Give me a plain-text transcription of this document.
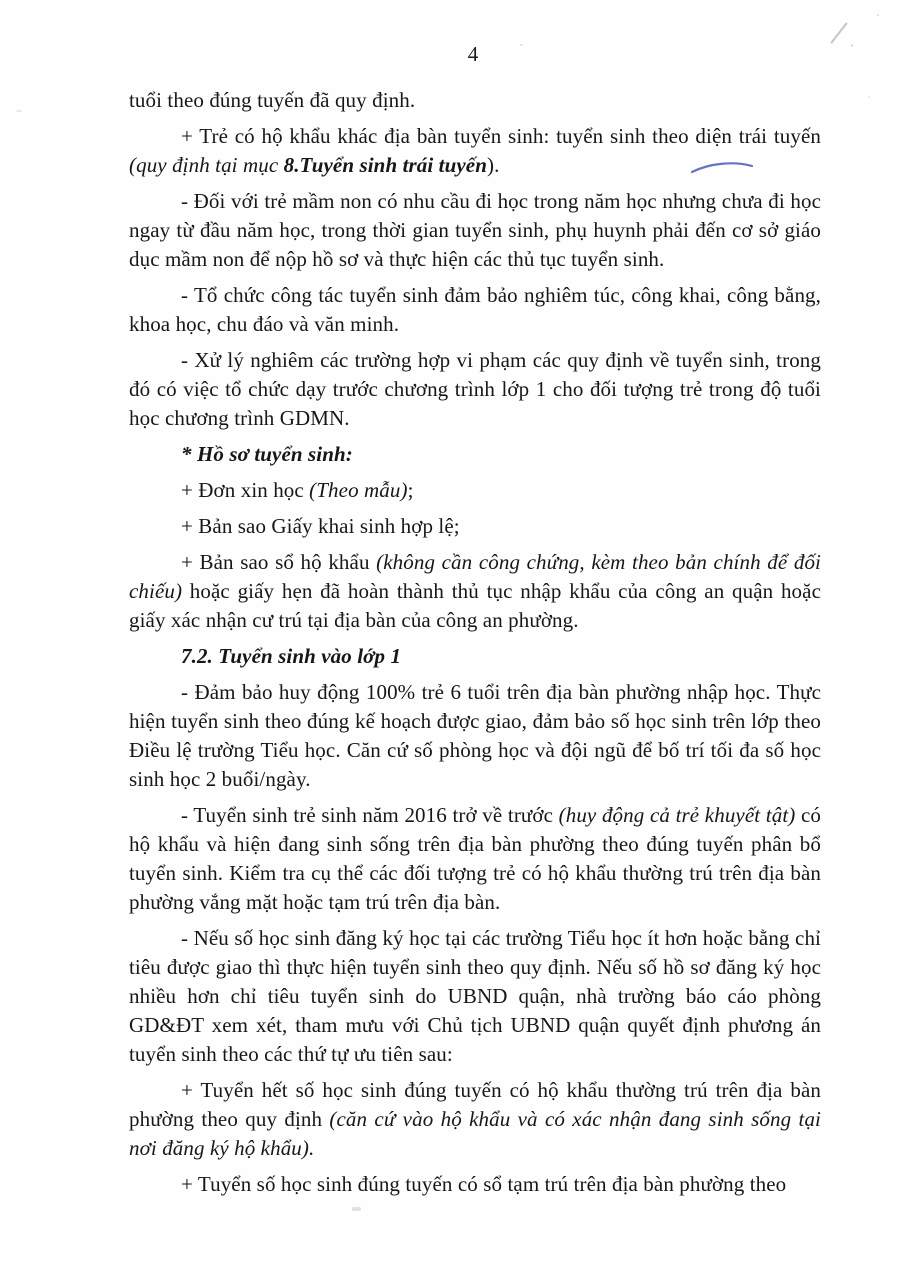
4

tuổi theo đúng tuyến đã quy định.

+ Trẻ có hộ khẩu khác địa bàn tuyển sinh: tuyển sinh theo diện trái tuyến (quy định tại mục 8.Tuyển sinh trái tuyến).

- Đối với trẻ mầm non có nhu cầu đi học trong năm học nhưng chưa đi học ngay từ đầu năm học, trong thời gian tuyển sinh, phụ huynh phải đến cơ sở giáo dục mầm non để nộp hồ sơ và thực hiện các thủ tục tuyển sinh.

- Tổ chức công tác tuyển sinh đảm bảo nghiêm túc, công khai, công bằng, khoa học, chu đáo và văn minh.

- Xử lý nghiêm các trường hợp vi phạm các quy định về tuyển sinh, trong đó có việc tổ chức dạy trước chương trình lớp 1 cho đối tượng trẻ trong độ tuổi học chương trình GDMN.

* Hồ sơ tuyển sinh:

+ Đơn xin học (Theo mẫu);

+ Bản sao Giấy khai sinh hợp lệ;

+ Bản sao sổ hộ khẩu (không cần công chứng, kèm theo bản chính để đối chiếu) hoặc giấy hẹn đã hoàn thành thủ tục nhập khẩu của công an quận hoặc giấy xác nhận cư trú tại địa bàn của công an phường.

7.2. Tuyển sinh vào lớp 1

- Đảm bảo huy động 100% trẻ 6 tuổi trên địa bàn phường nhập học. Thực hiện tuyển sinh theo đúng kế hoạch được giao, đảm bảo số học sinh trên lớp theo Điều lệ trường Tiểu học. Căn cứ số phòng học và đội ngũ để bố trí tối đa số học sinh học 2 buổi/ngày.

- Tuyển sinh trẻ sinh năm 2016 trở về trước (huy động cả trẻ khuyết tật) có hộ khẩu và hiện đang sinh sống trên địa bàn phường theo đúng tuyến phân bổ tuyển sinh. Kiểm tra cụ thể các đối tượng trẻ có hộ khẩu thường trú trên địa bàn phường vắng mặt hoặc tạm trú trên địa bàn.

- Nếu số học sinh đăng ký học tại các trường Tiểu học ít hơn hoặc bằng chỉ tiêu được giao thì thực hiện tuyển sinh theo quy định. Nếu số hồ sơ đăng ký học nhiều hơn chỉ tiêu tuyển sinh do UBND quận, nhà trường báo cáo phòng GD&ĐT xem xét, tham mưu với Chủ tịch UBND quận quyết định phương án tuyển sinh theo các thứ tự ưu tiên sau:

+ Tuyển hết số học sinh đúng tuyến có hộ khẩu thường trú trên địa bàn phường theo quy định (căn cứ vào hộ khẩu và có xác nhận đang sinh sống tại nơi đăng ký hộ khẩu).

+ Tuyển số học sinh đúng tuyến có sổ tạm trú trên địa bàn phường theo
